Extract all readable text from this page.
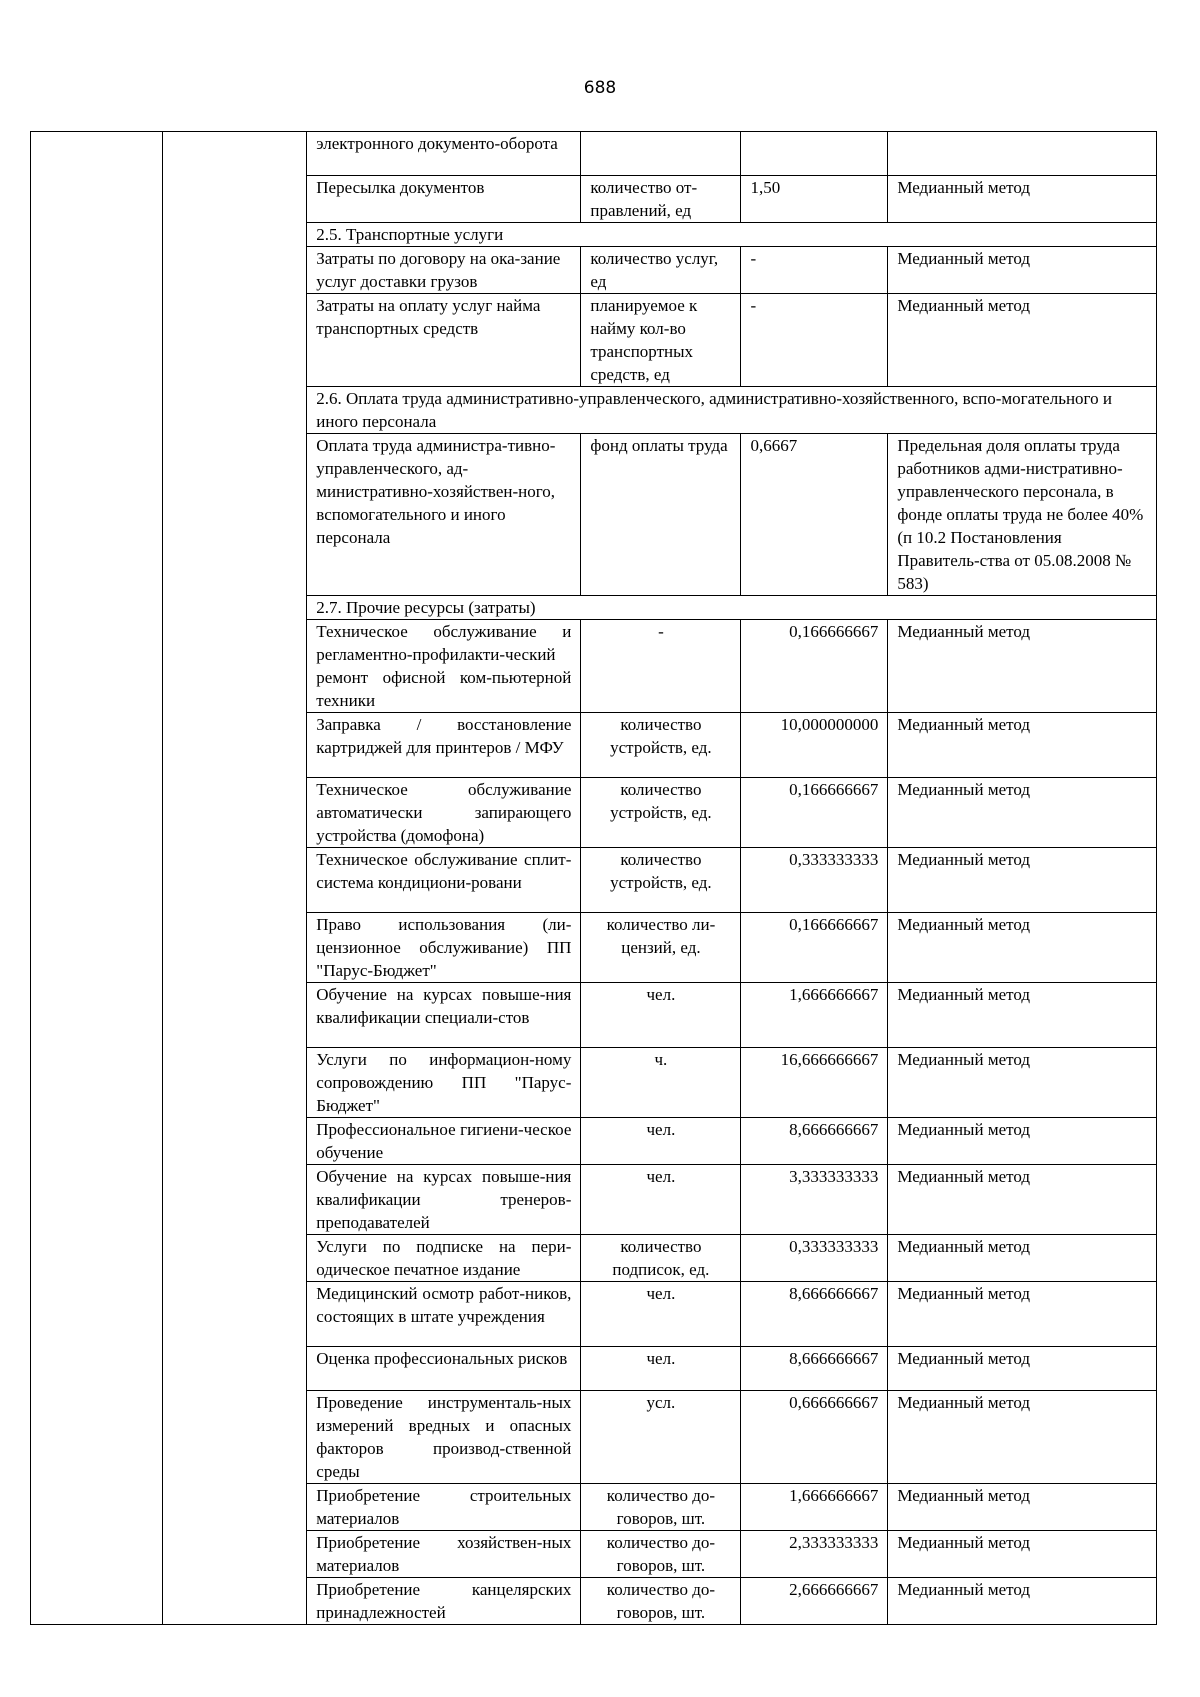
688
		электронного документо-оборота			
		Пересылка документов	количество от-правлений, ед	1,50	Медианный метод
		2.5. Транспортные услуги			
		Затраты по договору на ока-зание услуг доставки грузов	количество услуг, ед	-	Медианный метод
		Затраты на оплату услуг найма транспортных средств	планируемое к найму кол-во транспортных средств, ед	-	Медианный метод
		2.6. Оплата труда административно-управленческого, административно-хозяйственного, вспо-могательного и иного персонала			
		Оплата труда администра-тивно-управленческого, ад-министративно-хозяйствен-ного, вспомогательного и иного персонала	фонд оплаты труда	0,6667	Предельная доля оплаты труда работников адми-нистративно-управленческого персонала, в фонде оплаты труда не более 40% (п 10.2 Постановления Правитель-ства от 05.08.2008 № 583)
		2.7. Прочие ресурсы (затраты)			
		Техническое обслуживание и регламентно-профилакти-ческий ремонт офисной ком-пьютерной техники	-	0,166666667	Медианный метод
		Заправка / восстановление картриджей для принтеров / МФУ	количество устройств, ед.	10,000000000	Медианный метод
		Техническое обслуживание автоматически запирающего устройства (домофона)	количество устройств, ед.	0,166666667	Медианный метод
		Техническое обслуживание сплит-система кондициони-ровани	количество устройств, ед.	0,333333333	Медианный метод
		Право использования (ли-цензионное обслуживание) ПП "Парус-Бюджет"	количество ли-цензий, ед.	0,166666667	Медианный метод
		Обучение на курсах повыше-ния квалификации специали-стов	чел.	1,666666667	Медианный метод
		Услуги по информацион-ному сопровождению ПП "Парус-Бюджет"	ч.	16,666666667	Медианный метод
		Профессиональное гигиени-ческое обучение	чел.	8,666666667	Медианный метод
		Обучение на курсах повыше-ния квалификации тренеров-преподавателей	чел.	3,333333333	Медианный метод
		Услуги по подписке на пери-одическое печатное издание	количество подписок, ед.	0,333333333	Медианный метод
		Медицинский осмотр работ-ников, состоящих в штате учреждения	чел.	8,666666667	Медианный метод
		Оценка профессиональных рисков	чел.	8,666666667	Медианный метод
		Проведение инструменталь-ных измерений вредных и опасных факторов производ-ственной среды	усл.	0,666666667	Медианный метод
		Приобретение строительных материалов	количество до-говоров, шт.	1,666666667	Медианный метод
		Приобретение хозяйствен-ных материалов	количество до-говоров, шт.	2,333333333	Медианный метод
		Приобретение канцелярских принадлежностей	количество до-говоров, шт.	2,666666667	Медианный метод
